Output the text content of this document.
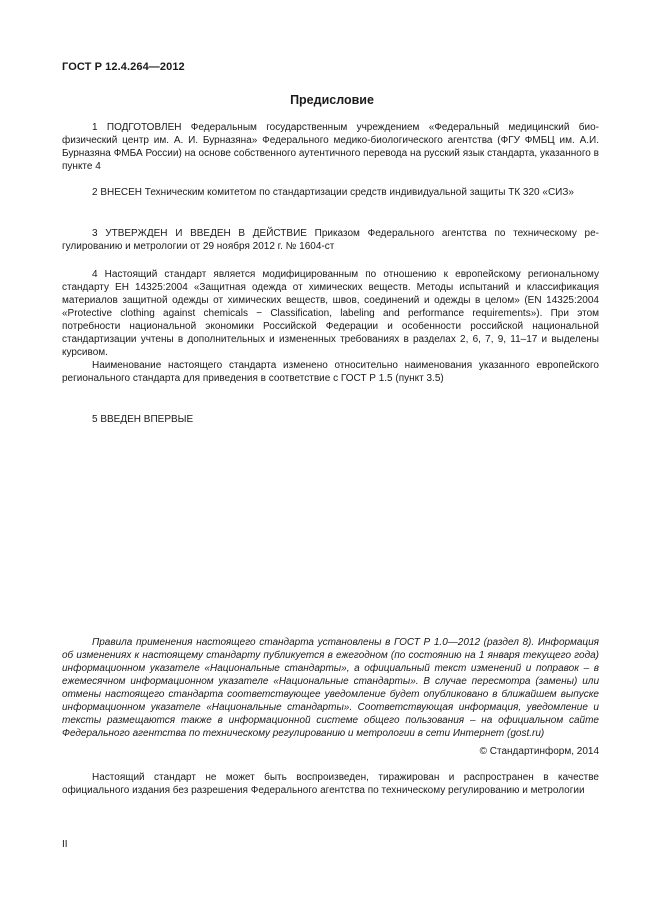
ГОСТ Р 12.4.264—2012
Предисловие

1 ПОДГОТОВЛЕН Федеральным государственным учреждением «Федеральный медицинский биофизический центр им. А. И. Бурназяна» Федерального медико-биологического агентства (ФГУ ФМБЦ им. А.И. Бурназяна ФМБА России) на основе собственного аутентичного перевода на русский язык стандарта, указанного в пункте 4

2 ВНЕСЕН Техническим комитетом по стандартизации средств индивидуальной защиты ТК 320 «СИЗ»

3 УТВЕРЖДЕН И ВВЕДЕН В ДЕЙСТВИЕ Приказом Федерального агентства по техническому регулированию и метрологии от 29 ноября 2012 г. № 1604-ст

4 Настоящий стандарт является модифицированным по отношению к европейскому региональному стандарту ЕН 14325:2004 «Защитная одежда от химических веществ. Методы испытаний и классификация материалов защитной одежды от химических веществ, швов, соединений и одежды в целом» (EN 14325:2004 «Protective clothing against chemicals − Classification, labeling and performance requirements»). При этом потребности национальной экономики Российской Федерации и особенности российской национальной стандартизации учтены в дополнительных и измененных требованиях в разделах 2, 6, 7, 9, 11–17 и выделены курсивом.

Наименование настоящего стандарта изменено относительно наименования указанного европейского регионального стандарта для приведения в соответствие с ГОСТ Р 1.5 (пункт 3.5)

5 ВВЕДЕН ВПЕРВЫЕ

Правила применения настоящего стандарта установлены в ГОСТ Р 1.0—2012 (раздел 8). Информация об изменениях к настоящему стандарту публикуется в ежегодном (по состоянию на 1 января текущего года) информационном указателе «Национальные стандарты», а официальный текст изменений и поправок – в ежемесячном информационном указателе «Национальные стандарты». В случае пересмотра (замены) или отмены настоящего стандарта соответствующее уведомление будет опубликовано в ближайшем выпуске информационном указателе «Национальные стандарты». Соответствующая информация, уведомление и тексты размещаются также в информационной системе общего пользования – на официальном сайте Федерального агентства по техническому регулированию и метрологии в сети Интернет (gost.ru)

© Стандартинформ, 2014

Настоящий стандарт не может быть воспроизведен, тиражирован и распространен в качестве официального издания без разрешения Федерального агентства по техническому регулированию и метрологии

II
